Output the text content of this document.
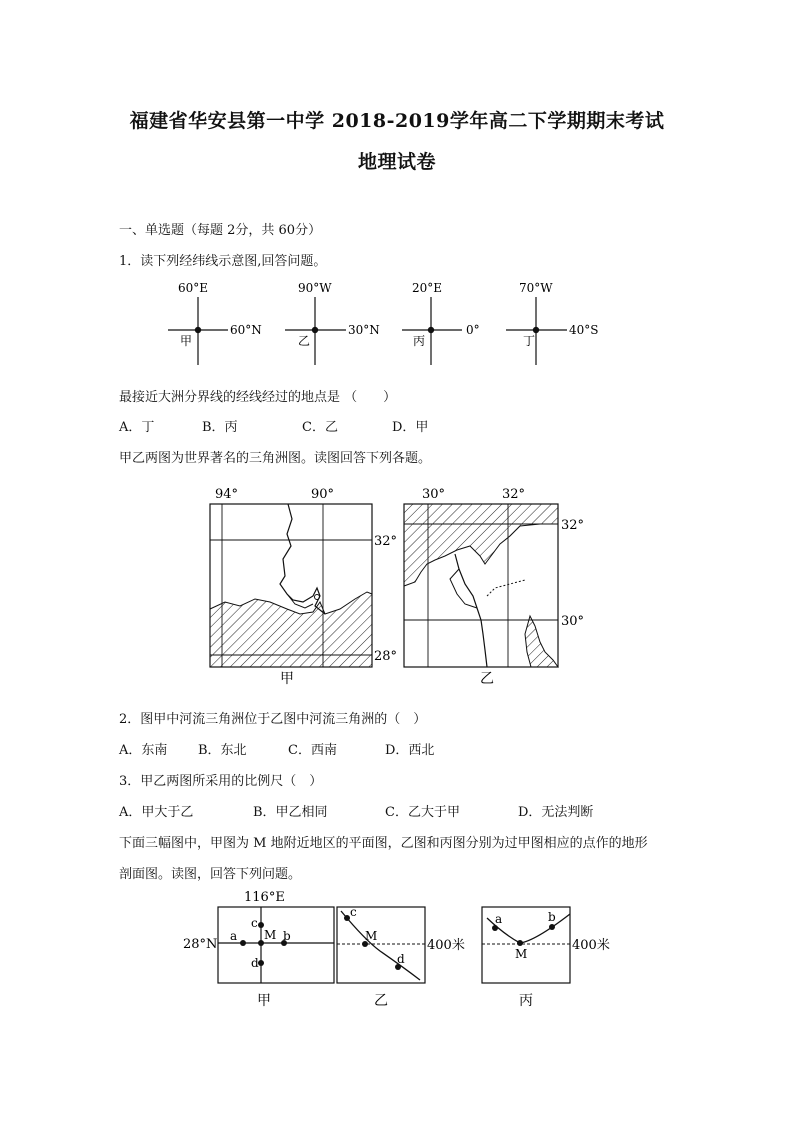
福建省华安县第一中学 2018-2019学年高二下学期期末考试
地理试卷
一、单选题（每题 2分，共 60分）
1．读下列经纬线示意图,回答问题。
60°E
60°N
甲
90°W
30°N
乙
20°E
0°
丙
70°W
40°S
丁
最接近大洲分界线的经线经过的地点是 （　　）
A．丁	B．丙	C．乙	D．甲
甲乙两图为世界著名的三角洲图。读图回答下列各题。
94°	90°
32°
28°
甲
30°	32°
32°
30°
乙
2．图甲中河流三角洲位于乙图中河流三角洲的（　）
A．东南 B．东北	C．西南	D．西北
3．甲乙两图所采用的比例尺（　）
A．甲大于乙	B．甲乙相同	C．乙大于甲	D．无法判断
下面三幅图中，甲图为 M 地附近地区的平面图，乙图和丙图分别为过甲图相应的点作的地形
剖面图。读图，回答下列问题。
116°E
28°N
a	b
c
d
M
甲
c
M
d
400米
乙
a
M
b
400米
丙
